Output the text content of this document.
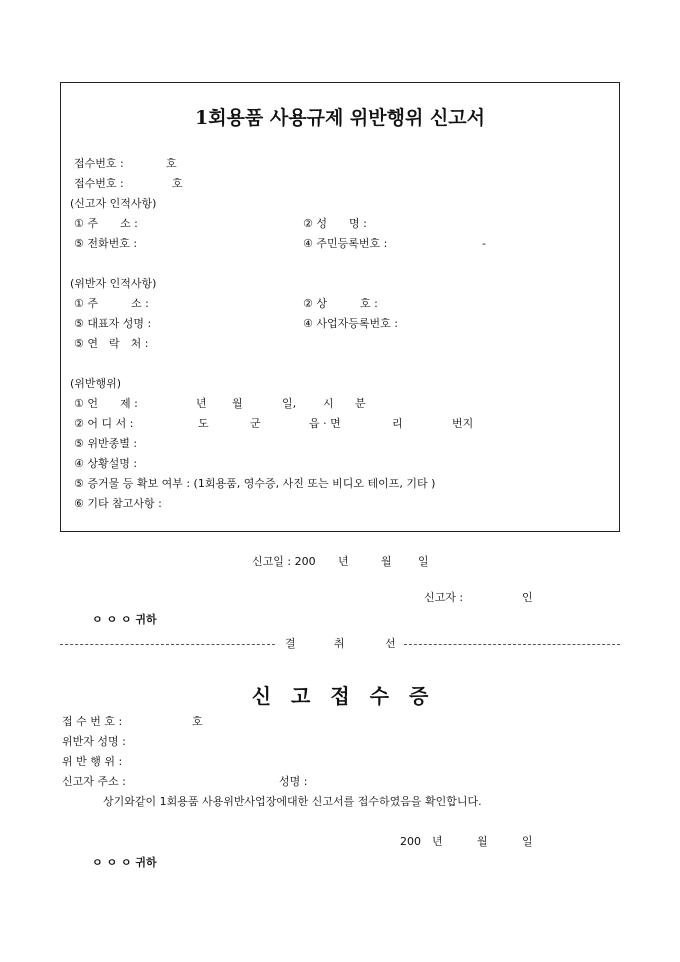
1회용품 사용규제 위반행위 신고서
접수번호 :	호
접수번호 :	호
(신고자 인적사항)
① 주　　소 :	② 성　　명 :
⑤ 전화번호 :	④ 주민등록번호 :	-
(위반자 인적사항)
① 주　　　소 :	② 상　　　호 :
⑤ 대표자 성명 :	④ 사업자등록번호 :
⑤ 연　락　처 :
(위반행위)
① 언　　제 :	년 월	일, 시 분
② 어 디 서 :	도	군	읍 · 면	리	번지
⑤ 위반종별 :
④ 상황설명 :
⑤ 증거물 등 확보 여부 : (1회용품, 영수증, 사진 또는 비디오 테이프, 기타 )
⑥ 기타 참고사항 :
신고일 : 200 년	월 일
신고자 :	인
ㅇ ㅇ ㅇ 귀하
결	취	선
신　고　접　수　증
접 수 번 호 :	호
위반자 성명 :
위 반 행 위 :
신고자 주소 :	성명 :
상기와같이 1회용품 사용위반사업장에대한 신고서를 접수하였음을 확인합니다.
200　년	월	일
ㅇ ㅇ ㅇ 귀하
